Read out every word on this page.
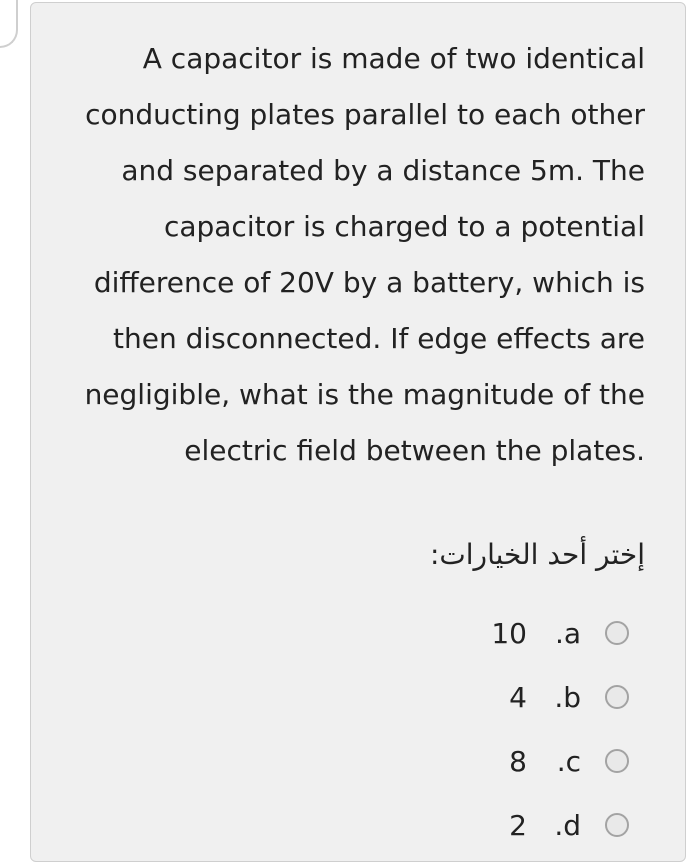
A capacitor is made of two identical
conducting plates parallel to each other
and separated by a distance 5m. The
capacitor is charged to a potential
difference of 20V by a battery, which is
then disconnected. If edge effects are
negligible, what is the magnitude of the
.electric field between the plates
إختر أحد الخيارات:
10 .a
4 .b
8	.c
2 .d
